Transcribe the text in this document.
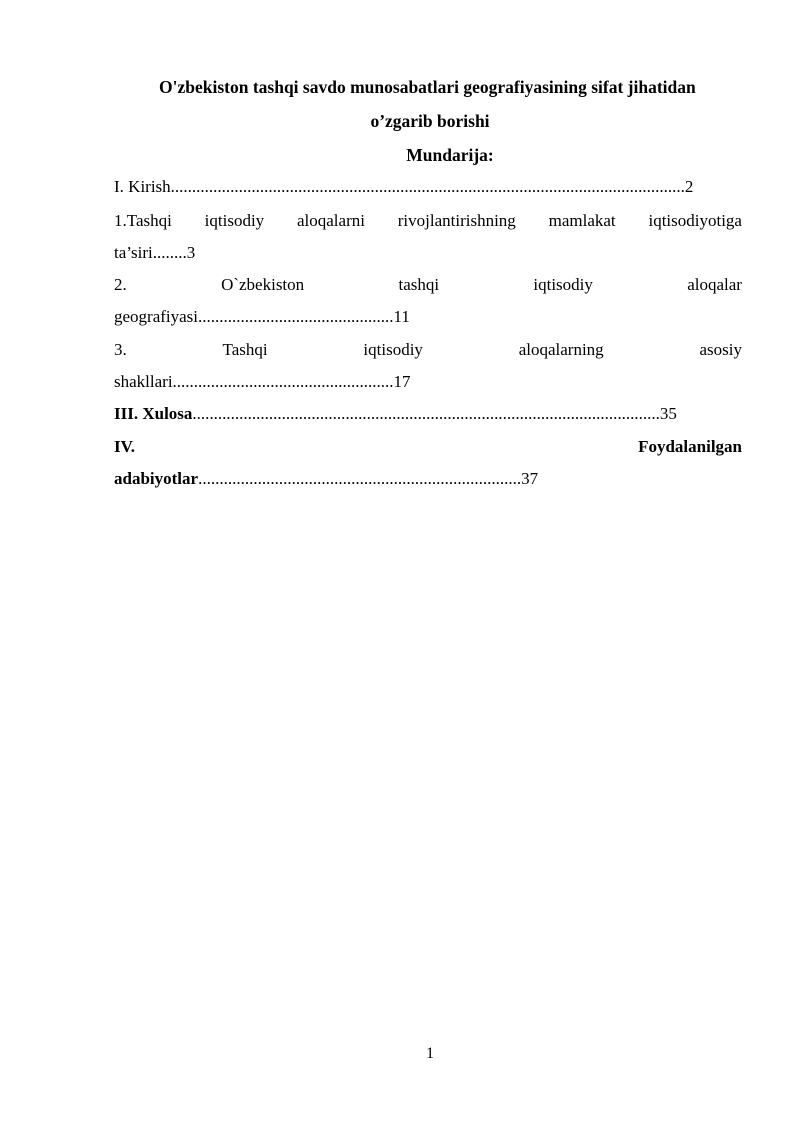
O'zbekiston tashqi savdo munosabatlari geografiyasining sifat jihatidan
o’zgarib borishi
Mundarija:
I. Kirish.........................................................................................................................2
1.Tashqi iqtisodiy aloqalarni rivojlantirishning mamlakat iqtisodiyotiga
ta’siri........3
2.	O`zbekiston	tashqi	iqtisodiy	aloqalar
geografiyasi..............................................11
3.	Tashqi	iqtisodiy	aloqalarning	asosiy
shakllari....................................................17
III. Xulosa..............................................................................................................35
IV.	Foydalanilgan
adabiyotlar............................................................................37
1
